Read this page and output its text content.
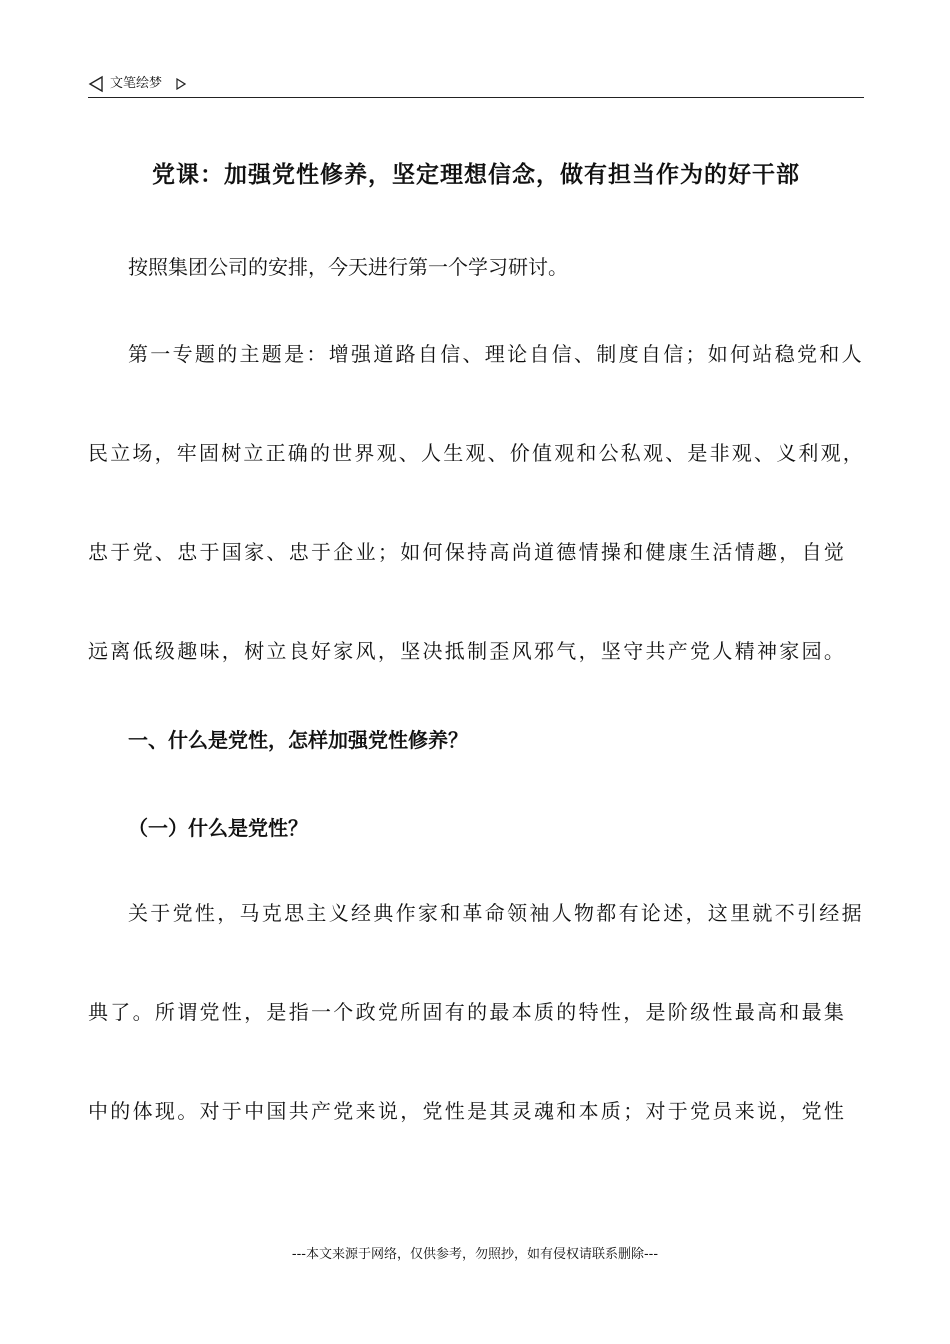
文笔绘梦
党课：加强党性修养，坚定理想信念，做有担当作为的好干部
按照集团公司的安排，今天进行第一个学习研讨。
第一专题的主题是：增强道路自信、理论自信、制度自信；如何站稳党和人
民立场，牢固树立正确的世界观、人生观、价值观和公私观、是非观、义利观，
忠于党、忠于国家、忠于企业；如何保持高尚道德情操和健康生活情趣，自觉
远离低级趣味，树立良好家风，坚决抵制歪风邪气，坚守共产党人精神家园。
一、什么是党性，怎样加强党性修养？
（一）什么是党性？
关于党性，马克思主义经典作家和革命领袖人物都有论述，这里就不引经据
典了。所谓党性，是指一个政党所固有的最本质的特性，是阶级性最高和最集
中的体现。对于中国共产党来说，党性是其灵魂和本质；对于党员来说，党性
---本文来源于网络，仅供参考，勿照抄，如有侵权请联系删除---
